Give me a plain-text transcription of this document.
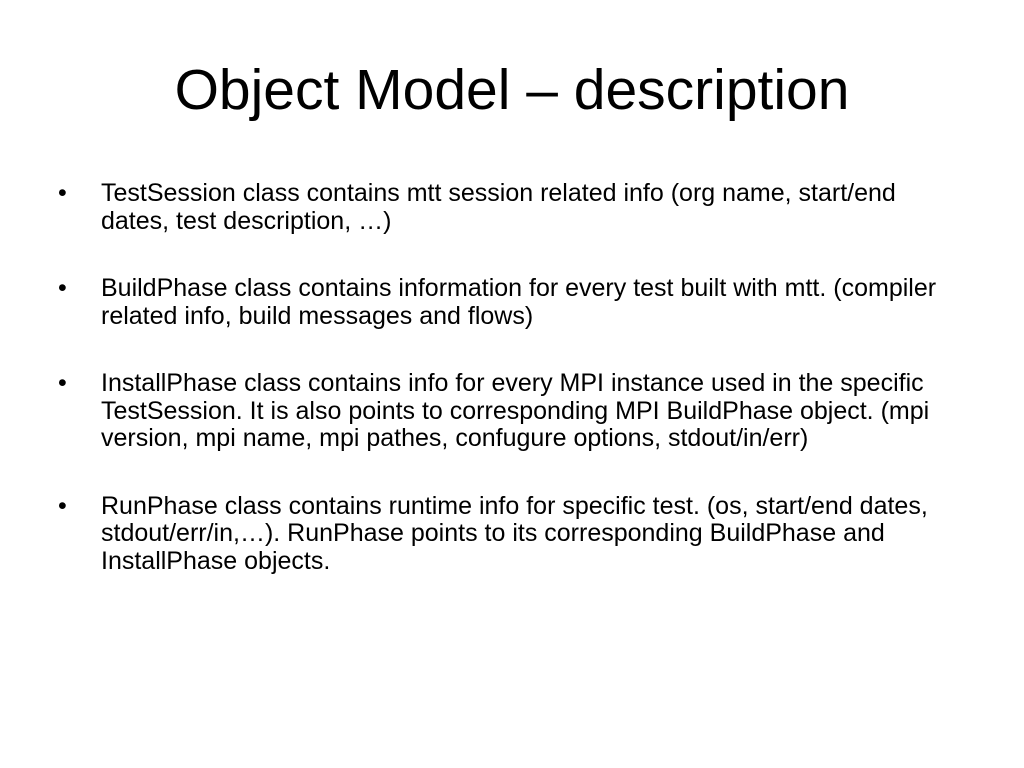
Object Model – description
•	TestSession class contains mtt session related info (org name, start/end dates, test description, …)
•	BuildPhase class contains information for every test built with mtt. (compiler related info, build messages and flows)
•	InstallPhase class contains info for every MPI instance used in the specific TestSession. It is also points to corresponding MPI BuildPhase object. (mpi version, mpi name, mpi pathes, confugure options, stdout/in/err)
•	RunPhase class contains runtime info for specific test. (os, start/end dates, stdout/err/in,…). RunPhase points to its corresponding BuildPhase and InstallPhase objects.
